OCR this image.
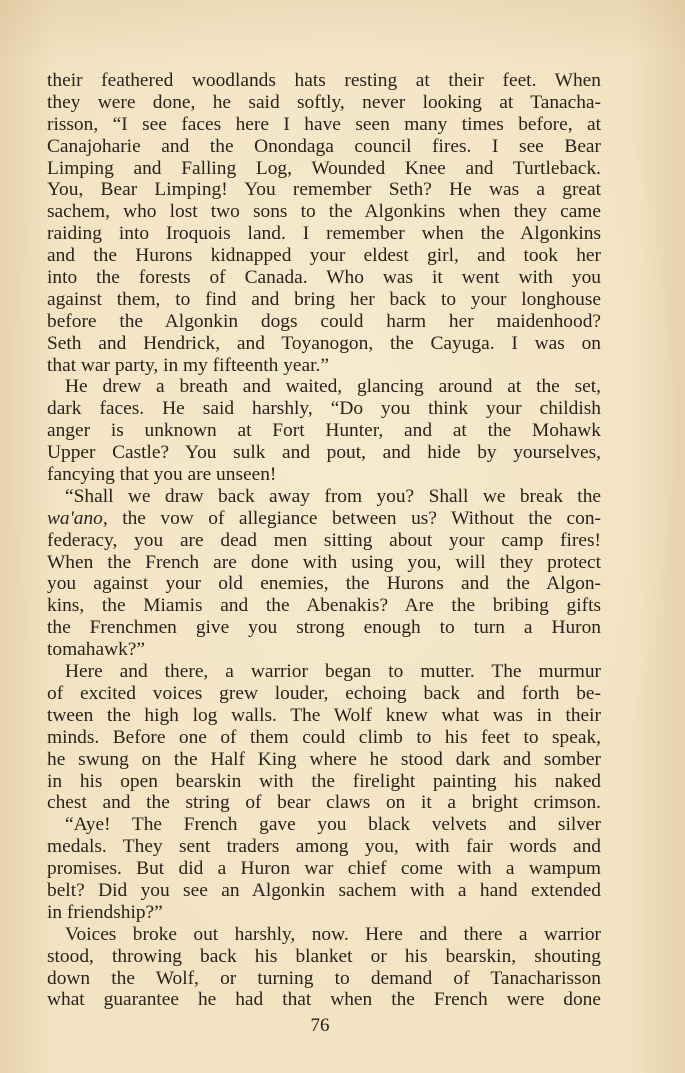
their feathered woodlands hats resting at their feet. When
they were done, he said softly, never looking at Tanacha-
risson, “I see faces here I have seen many times before, at
Canajoharie and the Onondaga council fires. I see Bear
Limping and Falling Log, Wounded Knee and Turtleback.
You, Bear Limping! You remember Seth? He was a great
sachem, who lost two sons to the Algonkins when they came
raiding into Iroquois land. I remember when the Algonkins
and the Hurons kidnapped your eldest girl, and took her
into the forests of Canada. Who was it went with you
against them, to find and bring her back to your longhouse
before the Algonkin dogs could harm her maidenhood?
Seth and Hendrick, and Toyanogon, the Cayuga. I was on
that war party, in my fifteenth year.”
He drew a breath and waited, glancing around at the set,
dark faces. He said harshly, “Do you think your childish
anger is unknown at Fort Hunter, and at the Mohawk
Upper Castle? You sulk and pout, and hide by yourselves,
fancying that you are unseen!
“Shall we draw back away from you? Shall we break the
wa'ano, the vow of allegiance between us? Without the con-
federacy, you are dead men sitting about your camp fires!
When the French are done with using you, will they protect
you against your old enemies, the Hurons and the Algon-
kins, the Miamis and the Abenakis? Are the bribing gifts
the Frenchmen give you strong enough to turn a Huron
tomahawk?”
Here and there, a warrior began to mutter. The murmur
of excited voices grew louder, echoing back and forth be-
tween the high log walls. The Wolf knew what was in their
minds. Before one of them could climb to his feet to speak,
he swung on the Half King where he stood dark and somber
in his open bearskin with the firelight painting his naked
chest and the string of bear claws on it a bright crimson.
“Aye! The French gave you black velvets and silver
medals. They sent traders among you, with fair words and
promises. But did a Huron war chief come with a wampum
belt? Did you see an Algonkin sachem with a hand extended
in friendship?”
Voices broke out harshly, now. Here and there a warrior
stood, throwing back his blanket or his bearskin, shouting
down the Wolf, or turning to demand of Tanacharisson
what guarantee he had that when the French were done
76
